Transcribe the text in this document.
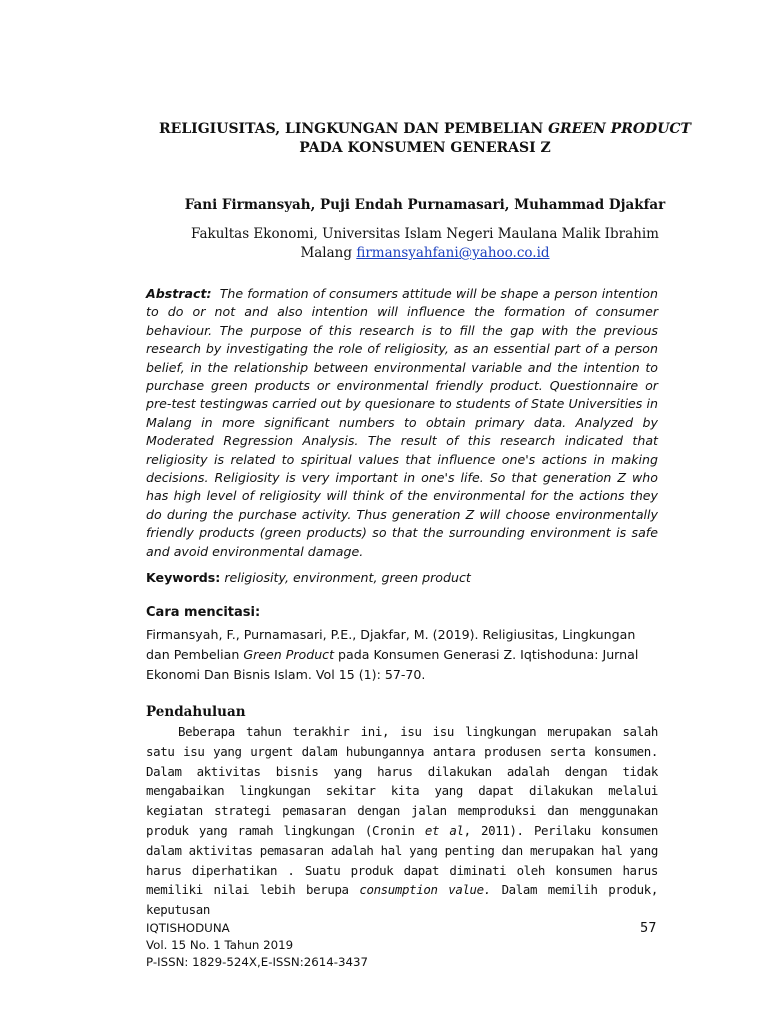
RELIGIUSITAS, LINGKUNGAN DAN PEMBELIAN GREEN PRODUCT
PADA KONSUMEN GENERASI Z
Fani Firmansyah, Puji Endah Purnamasari, Muhammad Djakfar
Fakultas Ekonomi, Universitas Islam Negeri Maulana Malik Ibrahim
Malang firmansyahfani@yahoo.co.id
Abstract: The formation of consumers attitude will be shape a person intention to do or not and also intention will influence the formation of consumer behaviour. The purpose of this research is to fill the gap with the previous research by investigating the role of religiosity, as an essential part of a person belief, in the relationship between environmental variable and the intention to purchase green products or environmental friendly product. Questionnaire or pre-test testingwas carried out by quesionare to students of State Universities in Malang in more significant numbers to obtain primary data. Analyzed by Moderated Regression Analysis. The result of this research indicated that religiosity is related to spiritual values that influence one's actions in making decisions. Religiosity is very important in one's life. So that generation Z who has high level of religiosity will think of the environmental for the actions they do during the purchase activity. Thus generation Z will choose environmentally friendly products (green products) so that the surrounding environment is safe and avoid environmental damage.
Keywords: religiosity, environment, green product
Cara mencitasi:
Firmansyah, F., Purnamasari, P.E., Djakfar, M. (2019). Religiusitas, Lingkungan dan Pembelian Green Product pada Konsumen Generasi Z. Iqtishoduna: Jurnal Ekonomi Dan Bisnis Islam. Vol 15 (1): 57-70.
Pendahuluan

Beberapa tahun terakhir ini, isu isu lingkungan merupakan salah satu isu yang urgent dalam hubungannya antara produsen serta konsumen. Dalam aktivitas bisnis yang harus dilakukan adalah dengan tidak mengabaikan lingkungan sekitar kita yang dapat dilakukan melalui kegiatan strategi pemasaran dengan jalan memproduksi dan menggunakan produk yang ramah lingkungan (Cronin et al, 2011). Perilaku konsumen dalam aktivitas pemasaran adalah hal yang penting dan merupakan hal yang harus diperhatikan . Suatu produk dapat diminati oleh konsumen harus memiliki nilai lebih berupa consumption value. Dalam memilih produk, keputusan

IQTISHODUNA
Vol. 15 No. 1 Tahun 2019
P-ISSN: 1829-524X,E-ISSN:2614-3437
57
